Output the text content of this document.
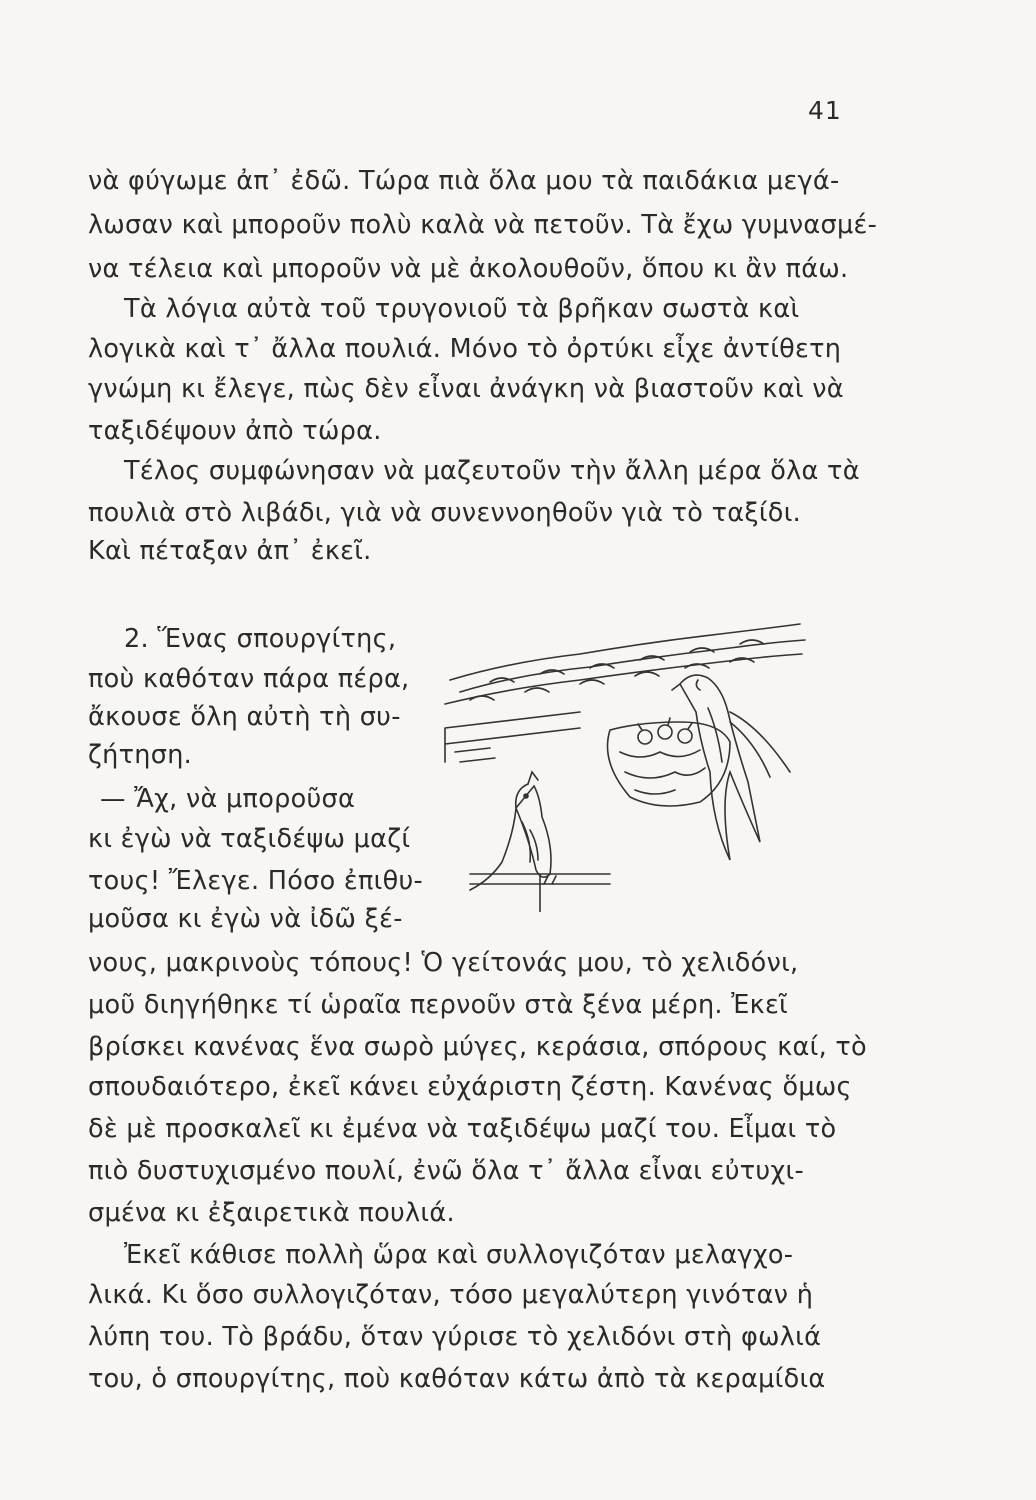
41
νὰ φύγωμε ἀπ᾽ ἐδῶ. Τώρα πιὰ ὅλα μου τὰ παιδάκια μεγά-
λωσαν καὶ μποροῦν πολὺ καλὰ νὰ πετοῦν. Τὰ ἔχω γυμνασμέ-
να τέλεια καὶ μποροῦν νὰ μὲ ἀκολουθοῦν, ὅπου κι ἂν πάω.
Τὰ λόγια αὐτὰ τοῦ τρυγονιοῦ τὰ βρῆκαν σωστὰ καὶ
λογικὰ καὶ τ᾽ ἄλλα πουλιά. Μόνο τὸ ὀρτύκι εἶχε ἀντίθετη
γνώμη κι ἔλεγε, πὼς δὲν εἶναι ἀνάγκη νὰ βιαστοῦν καὶ νὰ
ταξιδέψουν ἀπὸ τώρα.
Τέλος συμφώνησαν νὰ μαζευτοῦν τὴν ἄλλη μέρα ὅλα τὰ
πουλιὰ στὸ λιβάδι, γιὰ νὰ συνεννοηθοῦν γιὰ τὸ ταξίδι.
Καὶ πέταξαν ἀπ᾽ ἐκεῖ.
2. Ἕνας σπουργίτης,
ποὺ καθόταν πάρα πέρα,
ἄκουσε ὅλη αὐτὴ τὴ συ-
ζήτηση.
— Ἄχ, νὰ μποροῦσα
κι ἐγὼ νὰ ταξιδέψω μαζί
τους! Ἔλεγε. Πόσο ἐπιθυ-
μοῦσα κι ἐγὼ νὰ ἰδῶ ξέ-
νους, μακρινοὺς τόπους! Ὁ γείτονάς μου, τὸ χελιδόνι,
μοῦ διηγήθηκε τί ὡραῖα περνοῦν στὰ ξένα μέρη. Ἐκεῖ
βρίσκει κανένας ἕνα σωρὸ μύγες, κεράσια, σπόρους καί, τὸ
σπουδαιότερο, ἐκεῖ κάνει εὐχάριστη ζέστη. Κανένας ὅμως
δὲ μὲ προσκαλεῖ κι ἐμένα νὰ ταξιδέψω μαζί του. Εἶμαι τὸ
πιὸ δυστυχισμένο πουλί, ἐνῶ ὅλα τ᾽ ἄλλα εἶναι εὐτυχι-
σμένα κι ἐξαιρετικὰ πουλιά.
Ἐκεῖ κάθισε πολλὴ ὥρα καὶ συλλογιζόταν μελαγχο-
λικά. Κι ὅσο συλλογιζόταν, τόσο μεγαλύτερη γινόταν ἡ
λύπη του. Τὸ βράδυ, ὅταν γύρισε τὸ χελιδόνι στὴ φωλιά
του, ὁ σπουργίτης, ποὺ καθόταν κάτω ἀπὸ τὰ κεραμίδια
